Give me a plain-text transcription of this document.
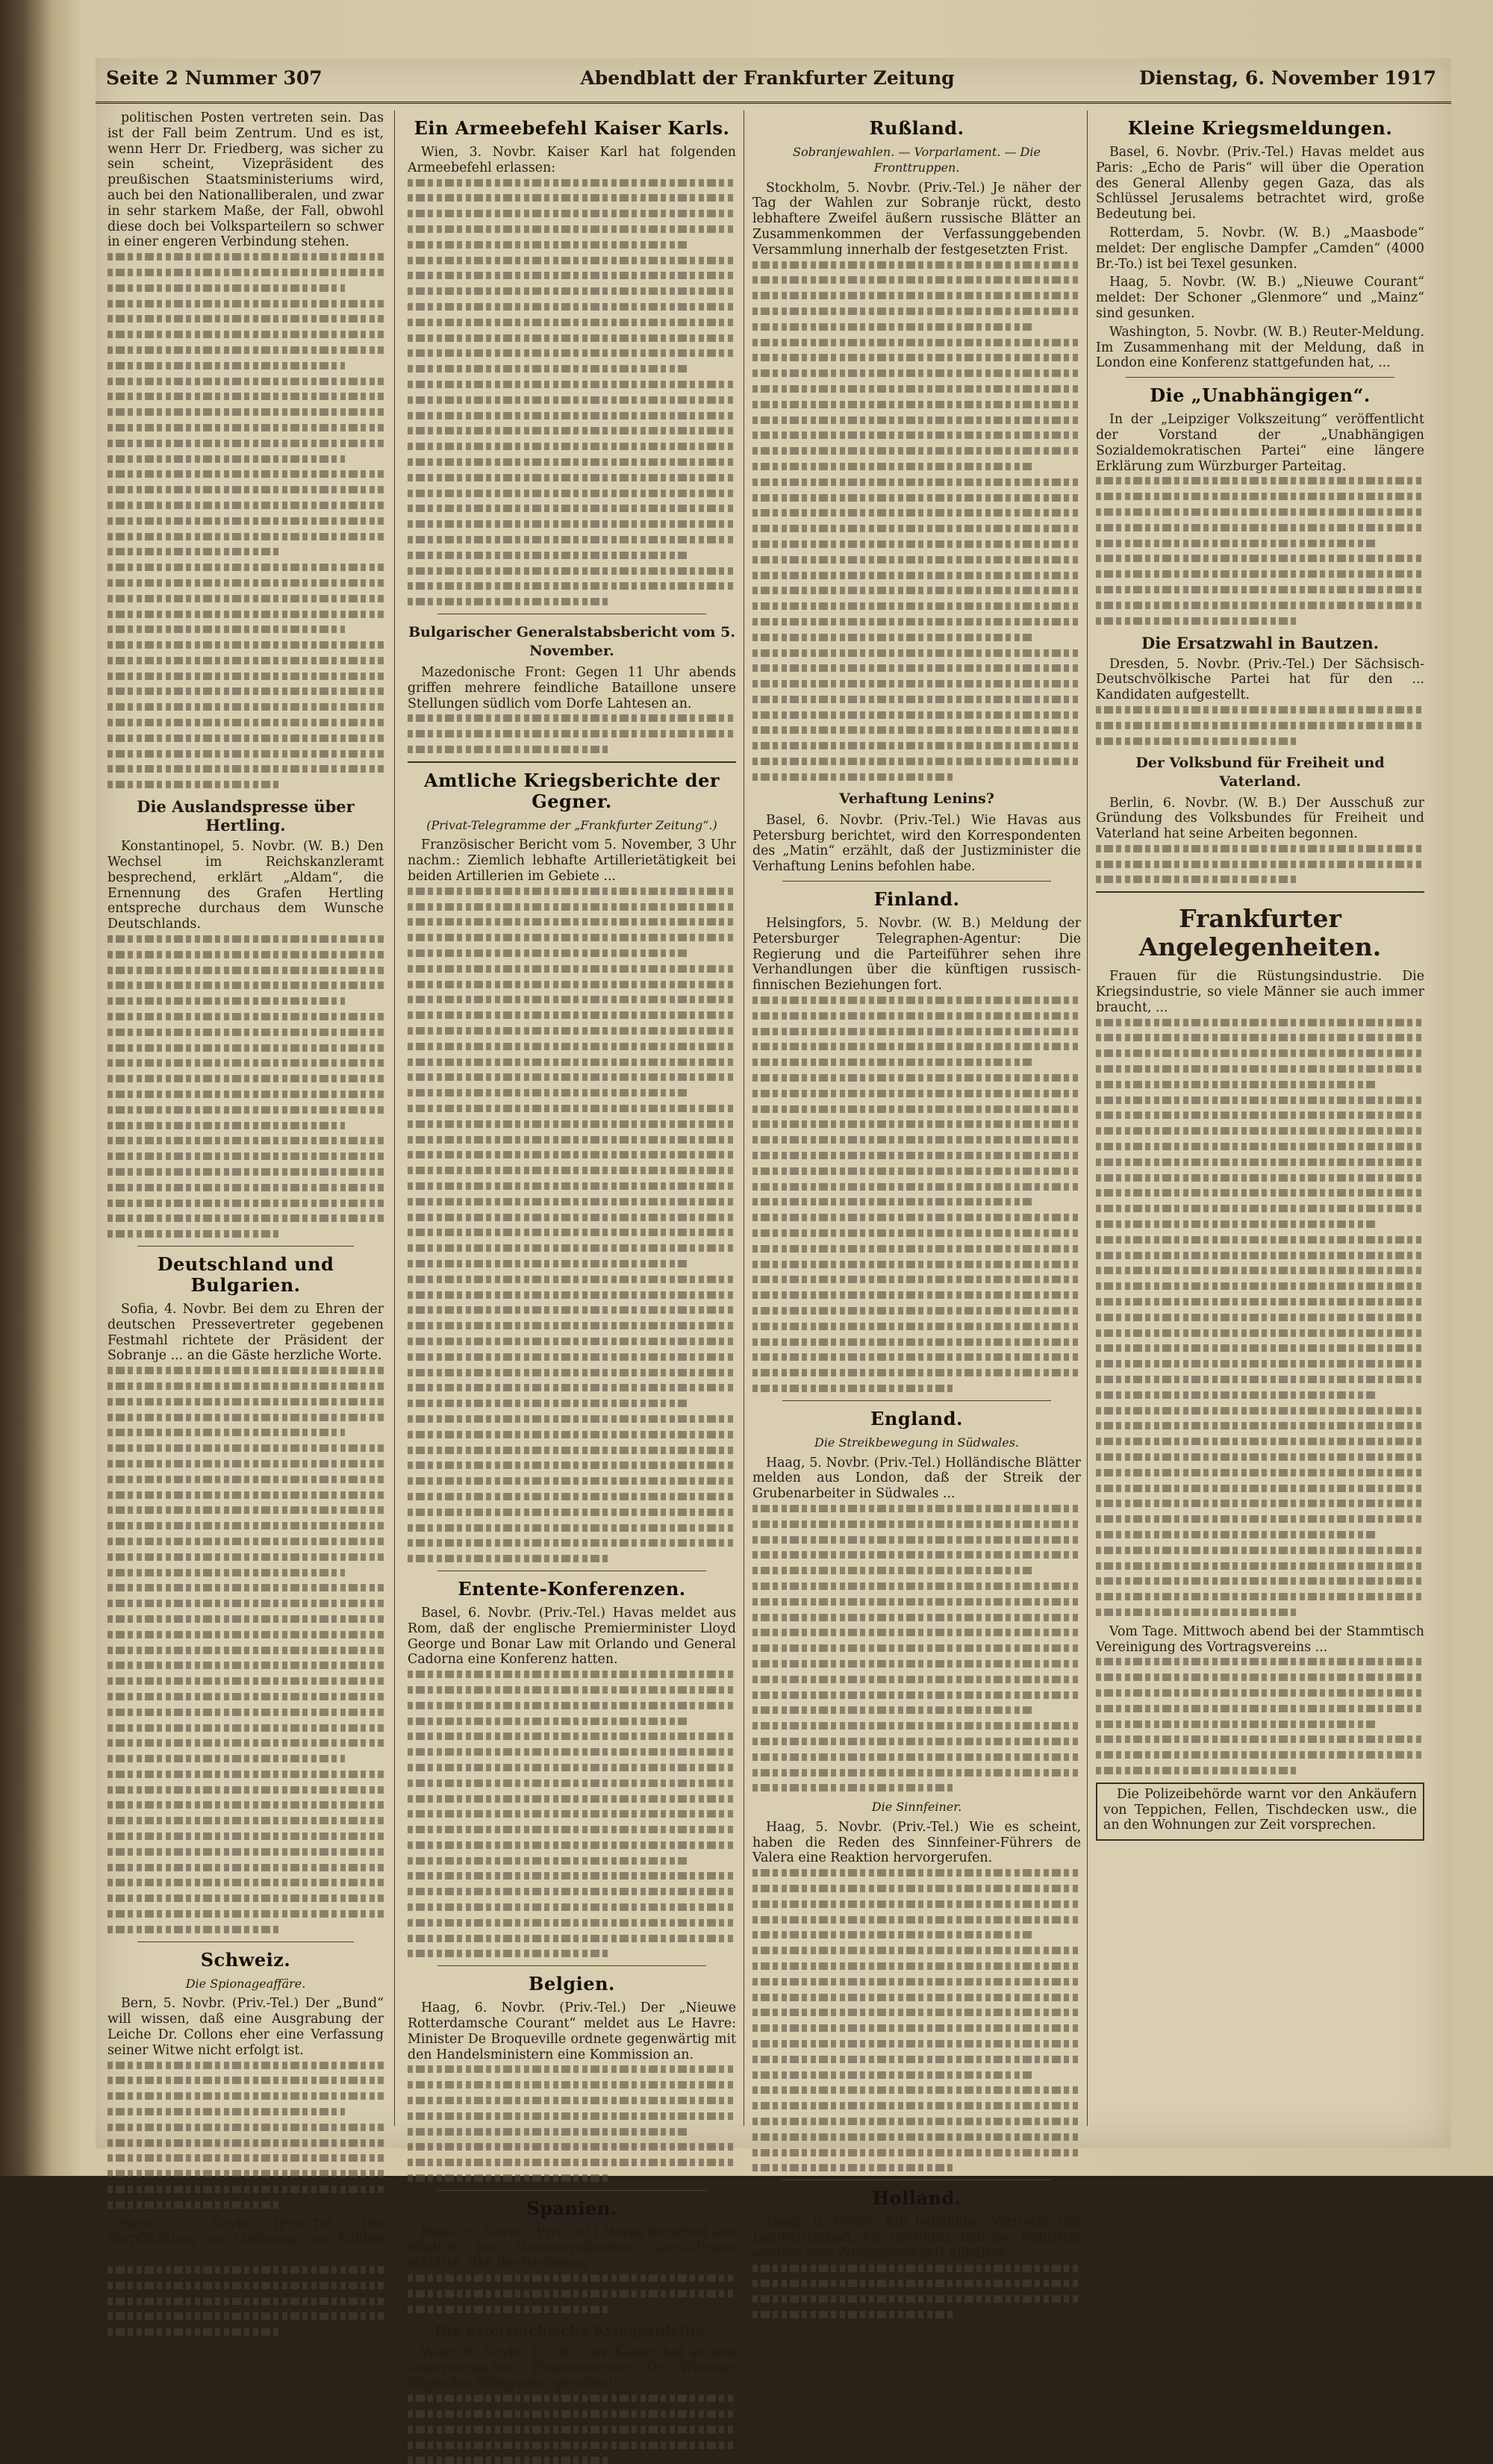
Seite 2 Nummer 307	Abendblatt der Frankfurter Zeitung	Dienstag, 6. November 1917

politischen Posten vertreten sein. Das ist der Fall beim Zentrum. Und es ist, wenn Herr Dr. Friedberg, was sicher zu sein scheint, Vizepräsident des preußischen Staatsministeriums wird, auch bei den Nationalliberalen, und zwar in sehr starkem Maße, der Fall, obwohl diese doch bei Volksparteilern so schwer in einer engeren Verbindung stehen.

Die Auslandspresse über Hertling.

Konstantinopel, 5. Novbr. (W. B.) Den Wechsel im Reichskanzleramt besprechend, erklärt „Aldam“, die Ernennung des Grafen Hertling entspreche durchaus dem Wunsche Deutschlands.

Deutschland und Bulgarien.

Sofia, 4. Novbr. Bei dem zu Ehren der deutschen Pressevertreter gegebenen Festmahl richtete der Präsident der Sobranje ... an die Gäste herzliche Worte.

Schweiz.
Die Spionageaffäre.

Bern, 5. Novbr. (Priv.-Tel.) Der „Bund“ will wissen, daß eine Ausgrabung der Leiche Dr. Collons eher eine Verfassung seiner Witwe nicht erfolgt ist.

Bern, 5. Novbr. (Priv.-Tel.) Die Verpflichtung zur Lieferung von Kohlen ...

Ein Armeebefehl Kaiser Karls.

Wien, 3. Novbr. Kaiser Karl hat folgenden Armeebefehl erlassen:

Bulgarischer Generalstabsbericht vom 5. November.

Mazedonische Front: Gegen 11 Uhr abends griffen mehrere feindliche Bataillone unsere Stellungen südlich vom Dorfe Lahtesen an.

Amtliche Kriegsberichte der Gegner.
(Privat-Telegramme der „Frankfurter Zeitung“.)

Französischer Bericht vom 5. November, 3 Uhr nachm.: Ziemlich lebhafte Artillerietätigkeit bei beiden Artillerien im Gebiete ...

Entente-Konferenzen.

Basel, 6. Novbr. (Priv.-Tel.) Havas meldet aus Rom, daß der englische Premierminister Lloyd George und Bonar Law mit Orlando und General Cadorna eine Konferenz hatten.

Belgien.

Haag, 6. Novbr. (Priv.-Tel.) Der „Nieuwe Rotterdamsche Courant“ meldet aus Le Havre: Minister De Broqueville ordnete gegenwärtig mit den Handelsministern eine Kommission an.

Spanien.

Basel, 6. Novbr. (Priv.-Tel.) Havas berichtet aus Madrid: Der Ministerpräsident Garcia-Prieto erklärte, daß die Regierung ...

Die österreichische Kriegsanleihe.

Wien, 6. Novbr. (W. B.) Der Kaiser hat an den österreichischen Finanzminister Dr. Wimmer folgendes Telegramm gerichtet:

Rußland.
Sobranjewahlen. — Vorparlament. — Die Fronttruppen.

Stockholm, 5. Novbr. (Priv.-Tel.) Je näher der Tag der Wahlen zur Sobranje rückt, desto lebhaftere Zweifel äußern russische Blätter an Zusammenkommen der Verfassunggebenden Versammlung innerhalb der festgesetzten Frist.

Verhaftung Lenins?

Basel, 6. Novbr. (Priv.-Tel.) Wie Havas aus Petersburg berichtet, wird den Korrespondenten des „Matin“ erzählt, daß der Justizminister die Verhaftung Lenins befohlen habe.

Finland.

Helsingfors, 5. Novbr. (W. B.) Meldung der Petersburger Telegraphen-Agentur: Die Regierung und die Parteiführer sehen ihre Verhandlungen über die künftigen russisch-finnischen Beziehungen fort.

England.
Die Streikbewegung in Südwales.

Haag, 5. Novbr. (Priv.-Tel.) Holländische Blätter melden aus London, daß der Streik der Grubenarbeiter in Südwales ...

Die Sinnfeiner.

Haag, 5. Novbr. (Priv.-Tel.) Wie es scheint, haben die Reden des Sinnfeiner-Führers de Valera eine Reaktion hervorgerufen.

Holland.

Haag, 6. Novbr. Ein bekannter Vertreter der Landwirtschaft, Ph. Gorbhuis, und der Industrie werden eine Zusammenkunft abhalten.

Kleine Kriegsmeldungen.

Basel, 6. Novbr. (Priv.-Tel.) Havas meldet aus Paris: „Echo de Paris“ will über die Operation des General Allenby gegen Gaza, das als Schlüssel Jerusalems betrachtet wird, große Bedeutung bei.

Rotterdam, 5. Novbr. (W. B.) „Maasbode“ meldet: Der englische Dampfer „Camden“ (4000 Br.-To.) ist bei Texel gesunken.

Haag, 5. Novbr. (W. B.) „Nieuwe Courant“ meldet: Der Schoner „Glenmore“ und „Mainz“ sind gesunken.

Washington, 5. Novbr. (W. B.) Reuter-Meldung. Im Zusammenhang mit der Meldung, daß in London eine Konferenz stattgefunden hat, ...

Die „Unabhängigen“.

In der „Leipziger Volkszeitung“ veröffentlicht der Vorstand der „Unabhängigen Sozialdemokratischen Partei“ eine längere Erklärung zum Würzburger Parteitag.

Die Ersatzwahl in Bautzen.

Dresden, 5. Novbr. (Priv.-Tel.) Der Sächsisch-Deutschvölkische Partei hat für den ... Kandidaten aufgestellt.

Der Volksbund für Freiheit und Vaterland.

Berlin, 6. Novbr. (W. B.) Der Ausschuß zur Gründung des Volksbundes für Freiheit und Vaterland hat seine Arbeiten begonnen.

Frankfurter Angelegenheiten.

Frauen für die Rüstungsindustrie. Die Kriegsindustrie, so viele Männer sie auch immer braucht, ...

Vom Tage. Mittwoch abend bei der Stammtisch Vereinigung des Vortragsvereins ...

Die Polizeibehörde warnt vor den Ankäufern von Teppichen, Fellen, Tischdecken usw., die an den Wohnungen zur Zeit vorsprechen.
